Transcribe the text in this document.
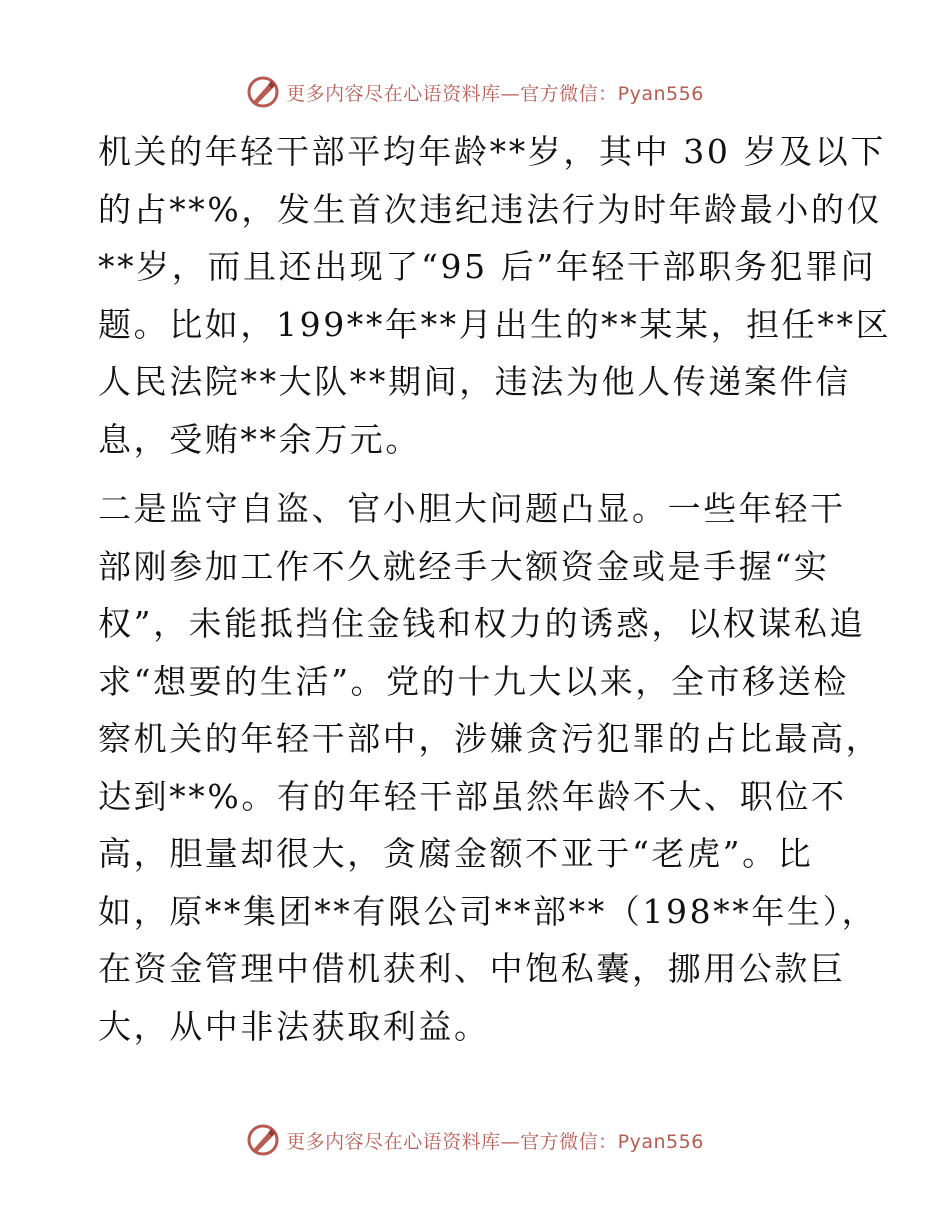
更多内容尽在心语资料库—官方微信：Pyan556
机关的年轻干部平均年龄**岁，其中 30 岁及以下
的占**%，发生首次违纪违法行为时年龄最小的仅
**岁，而且还出现了“95 后”年轻干部职务犯罪问
题。比如，199**年**月出生的**某某，担任**区
人民法院**大队**期间，违法为他人传递案件信
息，受贿**余万元。
二是监守自盗、官小胆大问题凸显。一些年轻干
部刚参加工作不久就经手大额资金或是手握“实
权”，未能抵挡住金钱和权力的诱惑，以权谋私追
求“想要的生活”。党的十九大以来，全市移送检
察机关的年轻干部中，涉嫌贪污犯罪的占比最高，
达到**%。有的年轻干部虽然年龄不大、职位不
高，胆量却很大，贪腐金额不亚于“老虎”。比
如，原**集团**有限公司**部**（198**年生），
在资金管理中借机获利、中饱私囊，挪用公款巨
大，从中非法获取利益。
更多内容尽在心语资料库—官方微信：Pyan556
